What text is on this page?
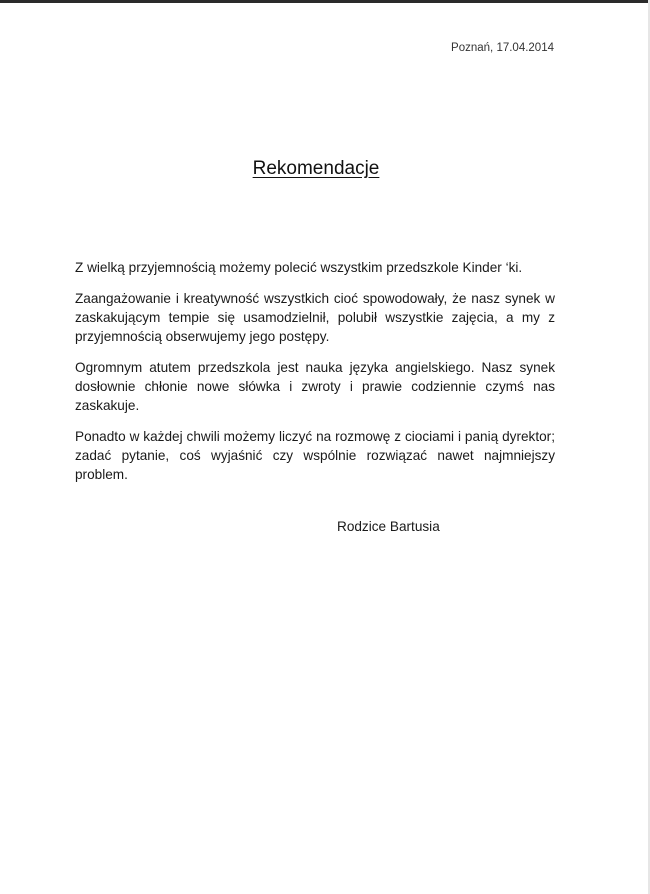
Poznań, 17.04.2014
Rekomendacje

Z wielką przyjemnością możemy polecić wszystkim przedszkole Kinder ‘ki.

Zaangażowanie i kreatywność wszystkich cioć spowodowały, że nasz synek w zaskakującym tempie się usamodzielnił, polubił wszystkie zajęcia, a my z przyjemnością obserwujemy jego postępy.

Ogromnym atutem przedszkola jest nauka języka angielskiego. Nasz synek dosłownie chłonie nowe słówka i zwroty i prawie codziennie czymś nas zaskakuje.

Ponadto w każdej chwili możemy liczyć na rozmowę z ciociami i panią dyrektor; zadać pytanie, coś wyjaśnić czy wspólnie rozwiązać nawet najmniejszy problem.

Rodzice Bartusia
